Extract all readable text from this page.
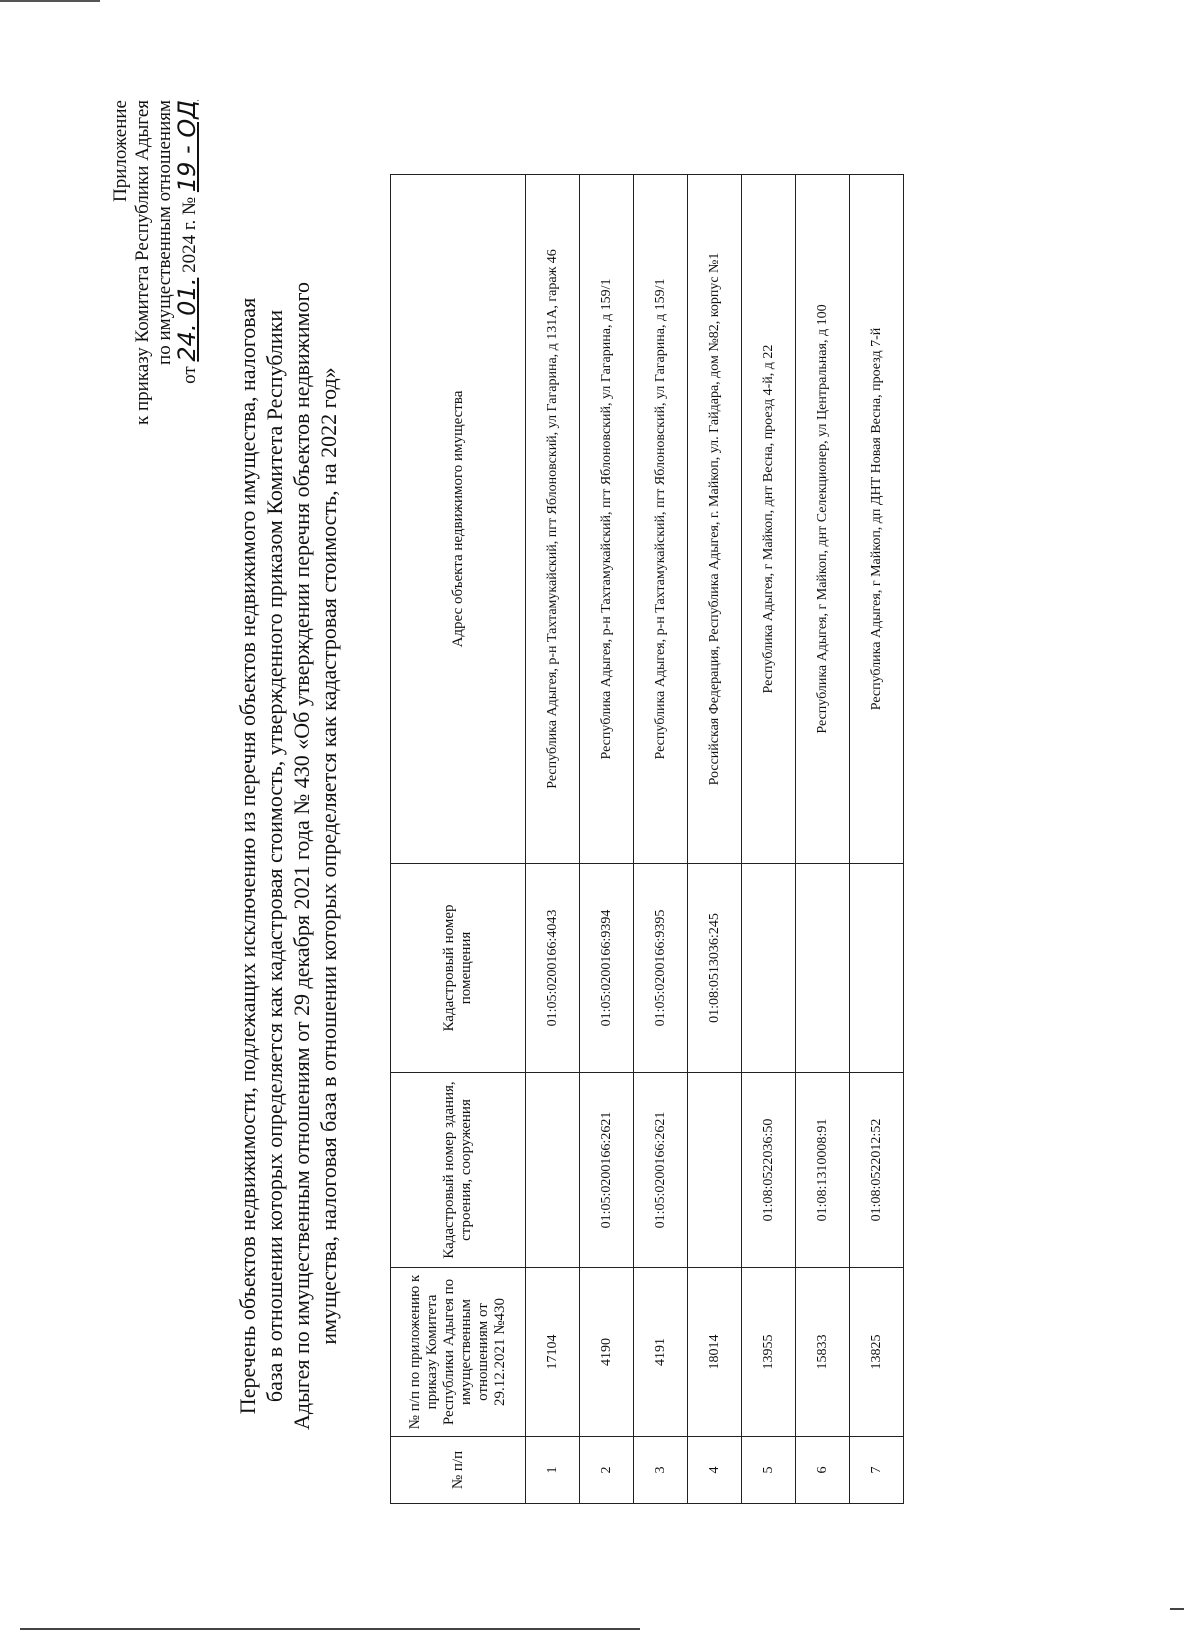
Приложение к приказу Комитета Республики Адыгея по имущественным отношениям
от 24. 01. 2024 г. № 19 - ОД
Перечень объектов недвижимости, подлежащих исключению из перечня объектов недвижимого имущества, налоговая база в отношении которых определяется как кадастровая стоимость, утвержденного приказом Комитета Республики Адыгея по имущественным отношениям от 29 декабря 2021 года № 430 «Об утверждении перечня объектов недвижимого имущества, налоговая база в отношении которых определяется как кадастровая стоимость, на 2022 год»
№ п/п	№ п/п по приложению к приказу Комитета Республики Адыгея по имущественным отношениям от 29.12.2021 №430	Кадастровый номер здания, строения, сооружения	Кадастровый номер помещения	Адрес объекта недвижимого имущества
1	17104		01:05:0200166:4043	Республика Адыгея, р-н Тахтамукайский, пгт Яблоновский, ул Гагарина, д 131А, гараж 46
2	4190	01:05:0200166:2621	01:05:0200166:9394	Республика Адыгея, р-н Тахтамукайский, пгт Яблоновский, ул Гагарина, д 159/1
3	4191	01:05:0200166:2621	01:05:0200166:9395	Республика Адыгея, р-н Тахтамукайский, пгт Яблоновский, ул Гагарина, д 159/1
4	18014		01:08:0513036:245	Российская Федерация, Республика Адыгея, г. Майкоп, ул. Гайдара, дом №82, корпус №1
5	13955	01:08:0522036:50		Республика Адыгея, г Майкоп, днт Весна, проезд 4-й, д 22
6	15833	01:08:1310008:91		Республика Адыгея, г Майкоп, днт Селекционер, ул Центральная, д 100
7	13825	01:08:0522012:52		Республика Адыгея, г Майкоп, дп ДНТ Новая Весна, проезд 7-й
